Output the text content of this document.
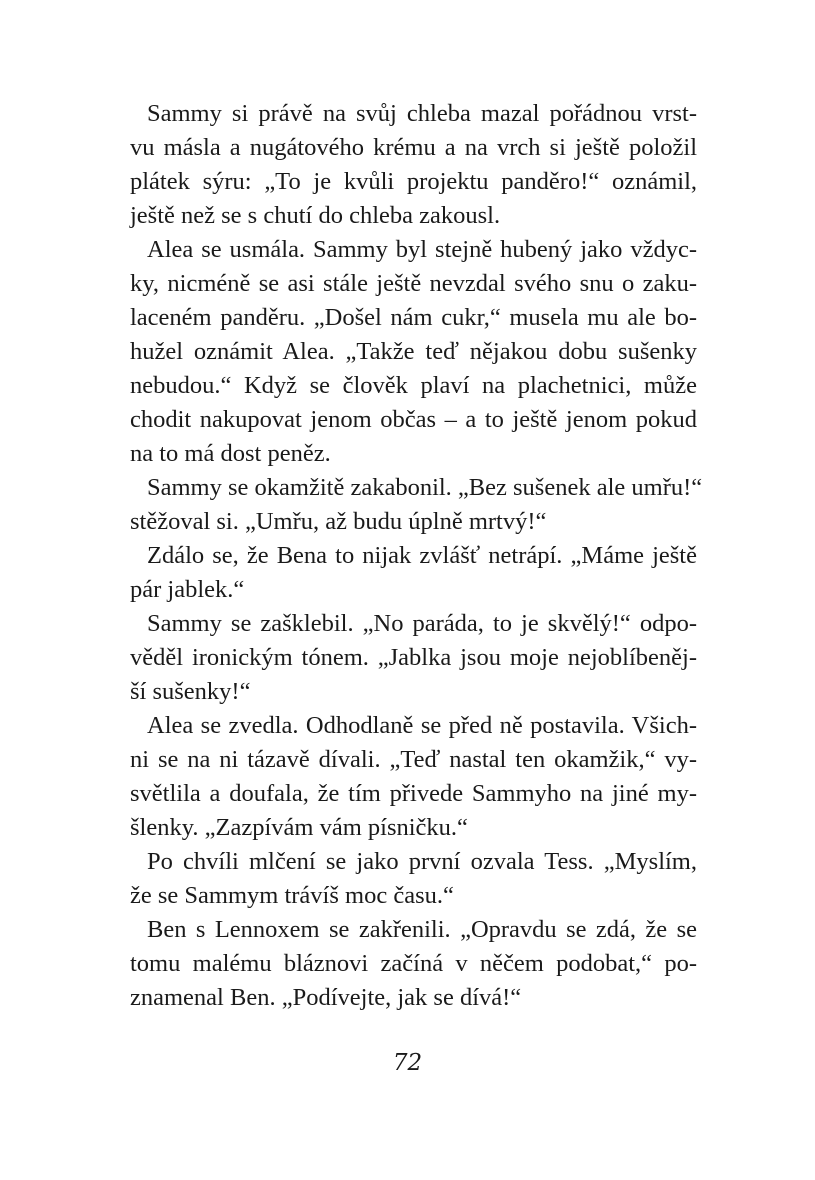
Sammy si právě na svůj chleba mazal pořádnou vrst-
vu másla a nugátového krému a na vrch si ještě položil
plátek sýru: „To je kvůli projektu panděro!“ oznámil,
ještě než se s chutí do chleba zakousl.
Alea se usmála. Sammy byl stejně hubený jako vždyc-
ky, nicméně se asi stále ještě nevzdal svého snu o zaku-
laceném panděru. „Došel nám cukr,“ musela mu ale bo-
hužel oznámit Alea. „Takže teď nějakou dobu sušenky
nebudou.“ Když se člověk plaví na plachetnici, může
chodit nakupovat jenom občas – a to ještě jenom pokud
na to má dost peněz.
Sammy se okamžitě zakabonil. „Bez sušenek ale umřu!“
stěžoval si. „Umřu, až budu úplně mrtvý!“
Zdálo se, že Bena to nijak zvlášť netrápí. „Máme ještě
pár jablek.“
Sammy se zašklebil. „No paráda, to je skvělý!“ odpo-
věděl ironickým tónem. „Jablka jsou moje nejoblíbeněj-
ší sušenky!“
Alea se zvedla. Odhodlaně se před ně postavila. Všich-
ni se na ni tázavě dívali. „Teď nastal ten okamžik,“ vy-
světlila a doufala, že tím přivede Sammyho na jiné my-
šlenky. „Zazpívám vám písničku.“
Po chvíli mlčení se jako první ozvala Tess. „Myslím,
že se Sammym trávíš moc času.“
Ben s Lennoxem se zakřenili. „Opravdu se zdá, že se
tomu malému bláznovi začíná v něčem podobat,“ po-
znamenal Ben. „Podívejte, jak se dívá!“
72
